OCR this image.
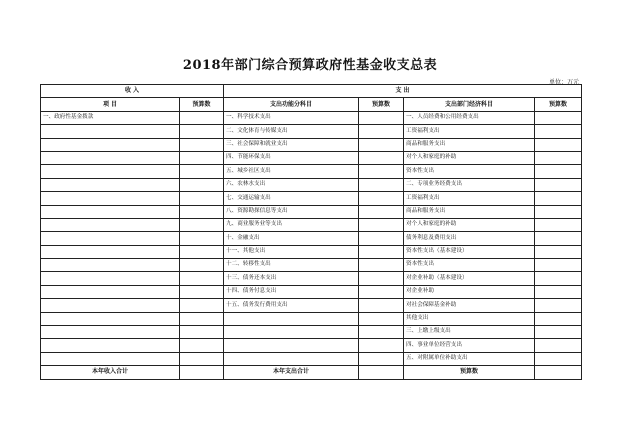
2018年部门综合预算政府性基金收支总表
单位：万元
收 入		支 出			
项 目	预算数	支出功能分科目	预算数	支出部门经济科目	预算数
一、政府性基金拨款		一、科学技术支出		一、人员经费和公用经费支出	
		二、文化体育与传媒支出		工资福利支出	
		三、社会保障和就业支出		商品和服务支出	
		四、节能环保支出		对个人和家庭的补助	
		五、城乡社区支出		资本性支出	
		六、农林水支出		二、专项业务经费支出	
		七、交通运输支出		工资福利支出	
		八、资源勘探信息等支出		商品和服务支出	
		九、商业服务业等支出		对个人和家庭的补助	
		十、金融支出		债务利息及费用支出	
		十一、其他支出		资本性支出（基本建设）	
		十二、转移性支出		资本性支出	
		十三、债务还本支出		对企业补助（基本建设）	
		十四、债务付息支出		对企业补助	
		十五、债务发行费用支出		对社会保障基金补助	
				其他支出	
				三、上缴上级支出	
				四、事业单位经营支出	
				五、对附属单位补助支出	
本年收入合计		本年支出合计		预算数	
